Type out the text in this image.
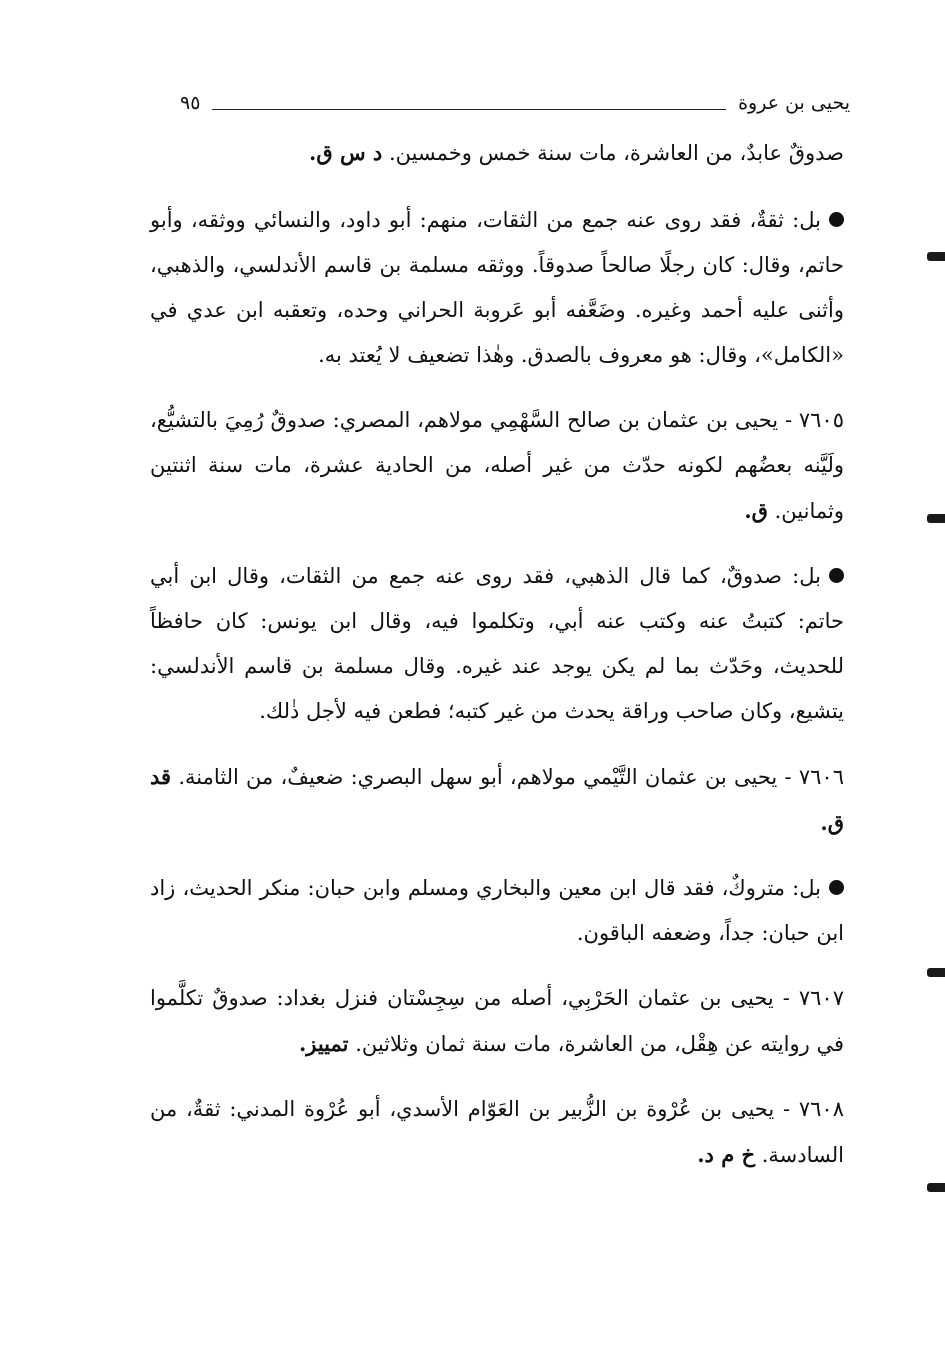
يحيى بن عروة
٩٥

صدوقٌ عابدٌ، من العاشرة، مات سنة خمس وخمسين. د س ق.

بل: ثقةٌ، فقد روى عنه جمع من الثقات، منهم: أبو داود، والنسائي ووثقه، وأبو حاتم، وقال: كان رجلًا صالحاً صدوقاً. ووثقه مسلمة بن قاسم الأندلسي، والذهبي، وأثنى عليه أحمد وغيره. وضَعَّفه أبو عَروبة الحراني وحده، وتعقبه ابن عدي في «الكامل»، وقال: هو معروف بالصدق. وهٰذا تضعيف لا يُعتد به.

٧٦٠٥ - يحيى بن عثمان بن صالح السَّهْمِي مولاهم، المصري: صدوقٌ رُمِيَ بالتشيُّع، ولَيَّنه بعضُهم لكونه حدّث من غير أصله، من الحادية عشرة، مات سنة اثنتين وثمانين. ق.

بل: صدوقٌ، كما قال الذهبي، فقد روى عنه جمع من الثقات، وقال ابن أبي حاتم: كتبتُ عنه وكتب عنه أبي، وتكلموا فيه، وقال ابن يونس: كان حافظاً للحديث، وحَدّث بما لم يكن يوجد عند غيره. وقال مسلمة بن قاسم الأندلسي: يتشيع، وكان صاحب وراقة يحدث من غير كتبه؛ فطعن فيه لأجل ذٰلك.

٧٦٠٦ - يحيى بن عثمان التَّيْمي مولاهم، أبو سهل البصري: ضعيفٌ، من الثامنة. قد ق.

بل: متروكٌ، فقد قال ابن معين والبخاري ومسلم وابن حبان: منكر الحديث، زاد ابن حبان: جداً، وضعفه الباقون.

٧٦٠٧ - يحيى بن عثمان الحَرْبِي، أصله من سِجِسْتان فنزل بغداد: صدوقٌ تكلَّموا في روايته عن هِقْل، من العاشرة، مات سنة ثمان وثلاثين. تمييز.

٧٦٠٨ - يحيى بن عُرْوة بن الزُّبير بن العَوّام الأسدي، أبو عُرْوة المدني: ثقةٌ، من السادسة. خ م د.
